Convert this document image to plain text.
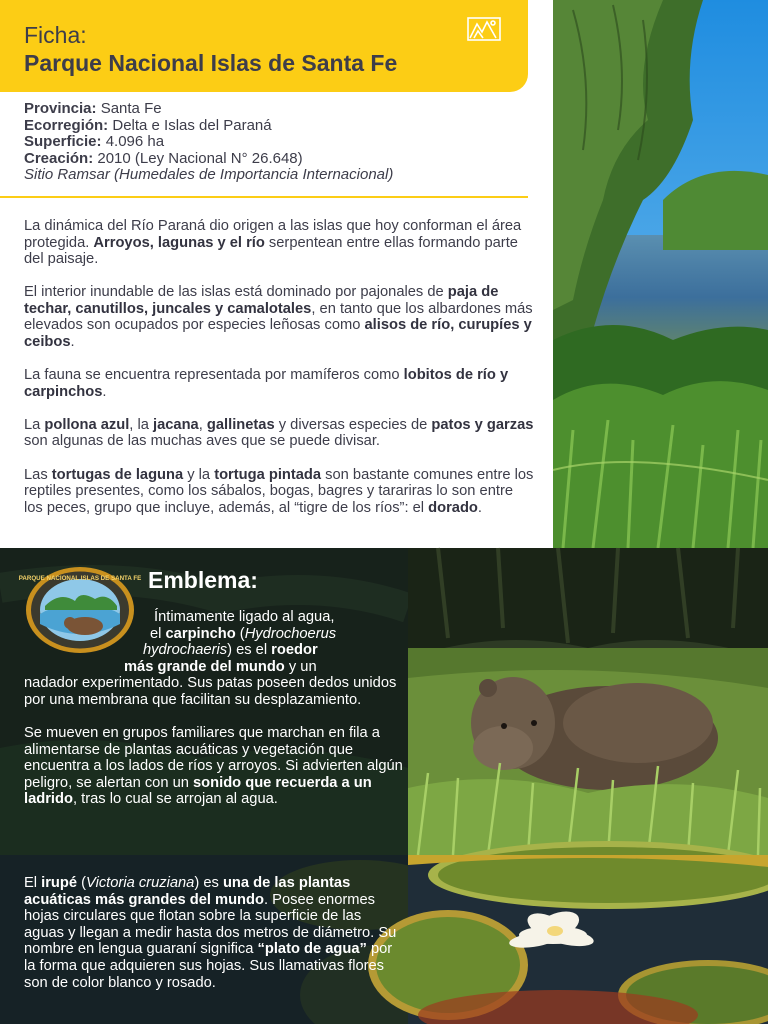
Ficha:
Parque Nacional Islas de Santa Fe
Provincia: Santa Fe
Ecorregión: Delta e Islas del Paraná
Superficie: 4.096 ha
Creación: 2010 (Ley Nacional N° 26.648)
Sitio Ramsar (Humedales de Importancia Internacional)

La dinámica del Río Paraná dio origen a las islas que hoy conforman el área protegida. Arroyos, lagunas y el río serpentean entre ellas formando parte del paisaje.

El interior inundable de las islas está dominado por pajonales de paja de techar, canutillos, juncales y camalotales, en tanto que los albardones más elevados son ocupados por especies leñosas como alisos de río, curupíes y ceibos.

La fauna se encuentra representada por mamíferos como lobitos de río y carpinchos.

La pollona azul, la jacana, gallinetas y diversas especies de patos y garzas son algunas de las muchas aves que se puede divisar.

Las tortugas de laguna y la tortuga pintada son bastante comunes entre los reptiles presentes, como los sábalos, bogas, bagres y tarariras lo son entre los peces, grupo que incluye, además, al “tigre de los ríos”: el dorado.

PARQUE NACIONAL ISLAS DE SANTA FE Emblema:

Íntimamente ligado al agua,
el carpincho (Hydrochoerus
hydrochaeris) es el roedor
más grande del mundo y un
nadador experimentado. Sus patas poseen dedos unidos por una membrana que facilitan su desplazamiento.

Se mueven en grupos familiares que marchan en fila a alimentarse de plantas acuáticas y vegetación que encuentra a los lados de ríos y arroyos. Si advierten algún peligro, se alertan con un sonido que recuerda a un ladrido, tras lo cual se arrojan al agua.

El irupé (Victoria cruziana) es una de las plantas acuáticas más grandes del mundo. Posee enormes hojas circulares que flotan sobre la superficie de las aguas y llegan a medir hasta dos metros de diámetro. Su nombre en lengua guaraní significa “plato de agua” por la forma que adquieren sus hojas. Sus llamativas flores son de color blanco y rosado.
